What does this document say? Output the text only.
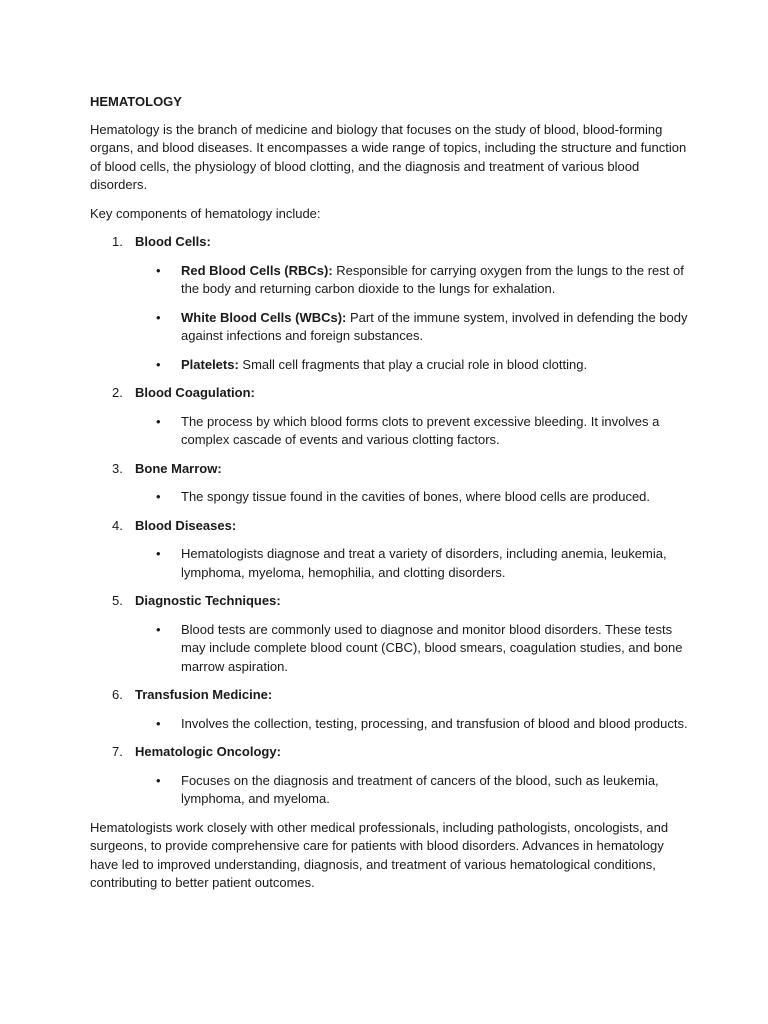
HEMATOLOGY

Hematology is the branch of medicine and biology that focuses on the study of blood, blood-forming organs, and blood diseases. It encompasses a wide range of topics, including the structure and function of blood cells, the physiology of blood clotting, and the diagnosis and treatment of various blood disorders.

Key components of hematology include:

1. Blood Cells:
•	Red Blood Cells (RBCs): Responsible for carrying oxygen from the lungs to the rest of the body and returning carbon dioxide to the lungs for exhalation.
•	White Blood Cells (WBCs): Part of the immune system, involved in defending the body against infections and foreign substances.
•	Platelets: Small cell fragments that play a crucial role in blood clotting.
2. Blood Coagulation:
•	The process by which blood forms clots to prevent excessive bleeding. It involves a complex cascade of events and various clotting factors.
3. Bone Marrow:
•	The spongy tissue found in the cavities of bones, where blood cells are produced.
4. Blood Diseases:
•	Hematologists diagnose and treat a variety of disorders, including anemia, leukemia, lymphoma, myeloma, hemophilia, and clotting disorders.
5. Diagnostic Techniques:
•	Blood tests are commonly used to diagnose and monitor blood disorders. These tests may include complete blood count (CBC), blood smears, coagulation studies, and bone marrow aspiration.
6. Transfusion Medicine:
•	Involves the collection, testing, processing, and transfusion of blood and blood products.
7. Hematologic Oncology:
•	Focuses on the diagnosis and treatment of cancers of the blood, such as leukemia, lymphoma, and myeloma.

Hematologists work closely with other medical professionals, including pathologists, oncologists, and surgeons, to provide comprehensive care for patients with blood disorders. Advances in hematology have led to improved understanding, diagnosis, and treatment of various hematological conditions, contributing to better patient outcomes.
